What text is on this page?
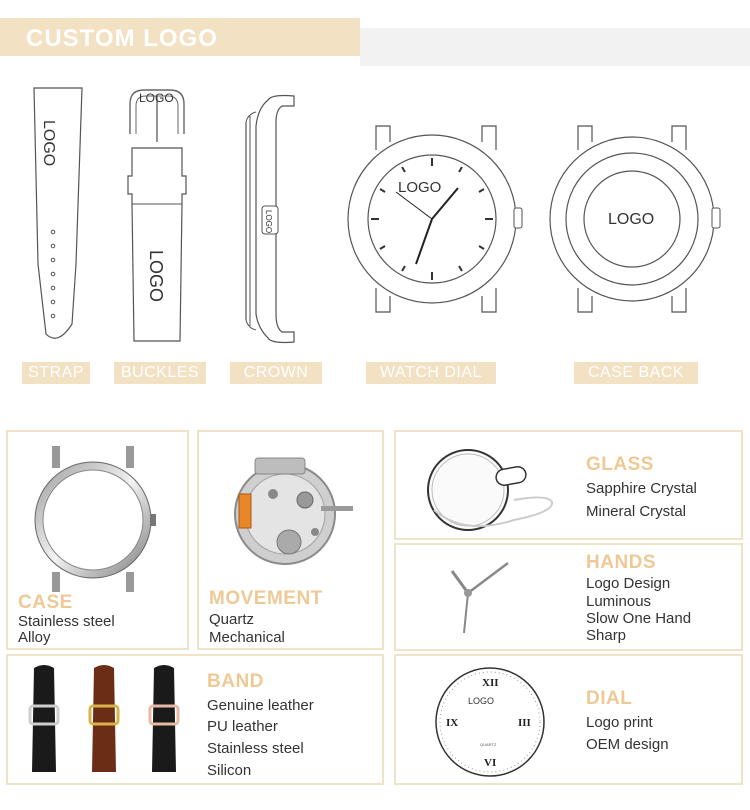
CUSTOM LOGO
LOGO
LOGO
LOGO
LOGO
LOGO
LOGO
STRAP	BUCKLES	CROWN	WATCH DIAL	CASE BACK
CASE
Stainless steel
Alloy
MOVEMENT
Quartz
Mechanical
GLASS
Sapphire Crystal
Mineral Crystal
HANDS
Logo Design
Luminous
Slow One Hand
Sharp
BAND
Genuine leather
PU leather
Stainless steel
Silicon
XII
III
VI
IX
LOGO
QUARTZ
DIAL
Logo print
OEM design
